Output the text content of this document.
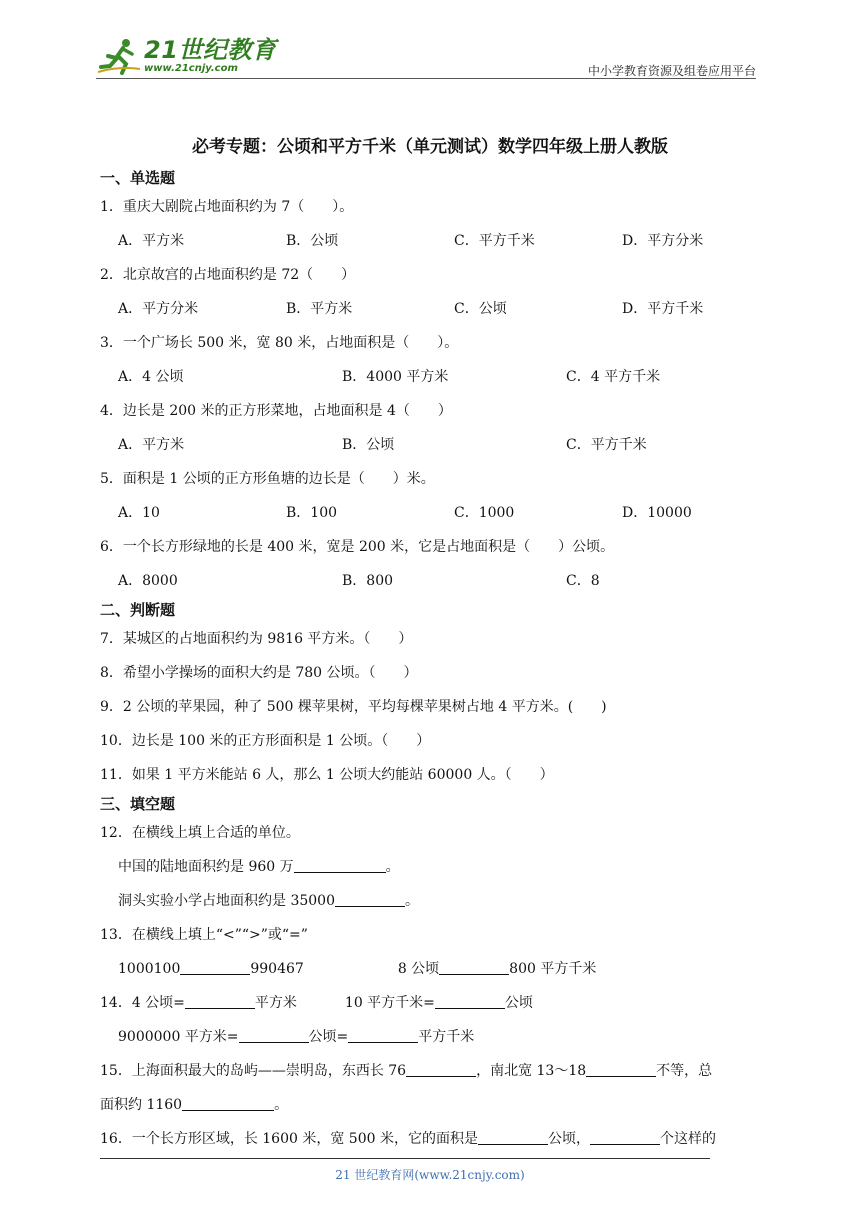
21世纪教育
www.21cnjy.com	中小学教育资源及组卷应用平台
必考专题：公顷和平方千米（单元测试）数学四年级上册人教版
一、单选题
1．重庆大剧院占地面积约为 7（　　）。
A．平方米	B．公顷	C．平方千米	D．平方分米
2．北京故宫的占地面积约是 72（　　）
A．平方分米	B．平方米	C．公顷	D．平方千米
3．一个广场长 500 米，宽 80 米，占地面积是（　　）。
A．4 公顷	B．4000 平方米	C．4 平方千米
4．边长是 200 米的正方形菜地，占地面积是 4（　　）
A．平方米	B．公顷	C．平方千米
5．面积是 1 公顷的正方形鱼塘的边长是（　　）米。
A．10	B．100	C．1000	D．10000
6．一个长方形绿地的长是 400 米，宽是 200 米，它是占地面积是（　　）公顷。
A．8000	B．800	C．8
二、判断题
7．某城区的占地面积约为 9816 平方米。（　　）
8．希望小学操场的面积大约是 780 公顷。（　　）
9．2 公顷的苹果园，种了 500 棵苹果树，平均每棵苹果树占地 4 平方米。(　　)
10．边长是 100 米的正方形面积是 1 公顷。（　　）
11．如果 1 平方米能站 6 人，那么 1 公顷大约能站 60000 人。（　　）
三、填空题
12．在横线上填上合适的单位。
中国的陆地面积约是 960 万	。
洞头实验小学占地面积约是 35000	。
13．在横线上填上“<”“>”或“=”
1000100	990467	8 公顷	800 平方千米
14．4 公顷=	平方米	10 平方千米=	公顷
9000000 平方米=	公顷=	平方千米
15．上海面积最大的岛屿——崇明岛，东西长 76	，南北宽 13～18	不等，总
面积约 1160	。
16．一个长方形区域，长 1600 米，宽 500 米，它的面积是	公顷，	个这样的
21 世纪教育网(www.21cnjy.com)
